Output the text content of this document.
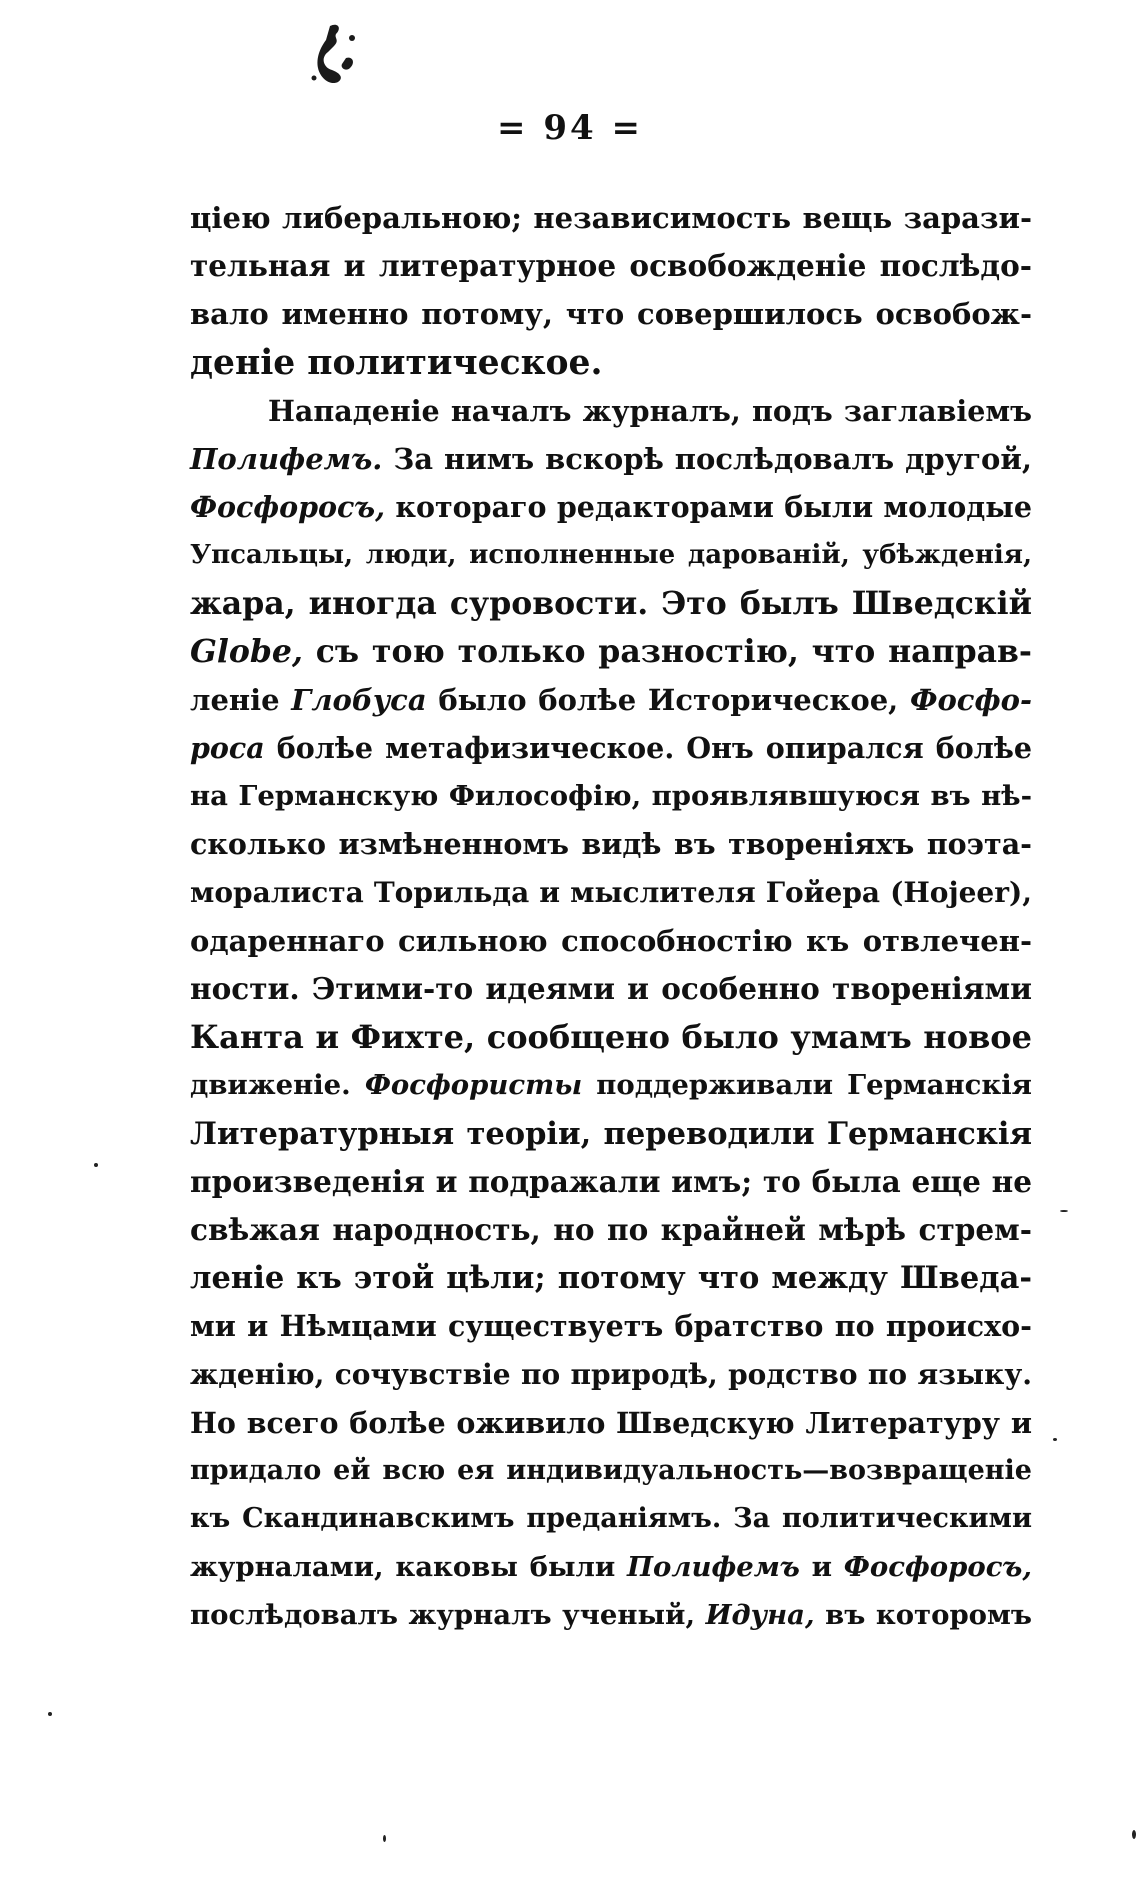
= 94 =
ціею либеральною; независимость вещь зарази-
тельная и литературное освобожденіе послѣдо-
вало именно потому, что совершилось освобож-
деніе политическое.
Нападеніе началъ журналъ, подъ заглавіемъ
Полифемъ. За нимъ вскорѣ послѣдовалъ другой,
Фосфоросъ, котораго редакторами были молодые
Упсальцы, люди, исполненные дарованій, убѣжденія,
жара, иногда суровости. Это былъ Шведскій
Globe, съ тою только разностію, что направ-
леніе Глобуса было болѣе Историческое, Фосфо-
роса болѣе метафизическое. Онъ опирался болѣе
на Германскую Философію, проявлявшуюся въ нѣ-
сколько измѣненномъ видѣ въ твореніяхъ поэта-
моралиста Торильда и мыслителя Гойера (Hojeer),
одареннаго сильною способностію къ отвлечен-
ности. Этими-то идеями и особенно твореніями
Канта и Фихте, сообщено было умамъ новое
движеніе. Фосфористы поддерживали Германскія
Литературныя теоріи, переводили Германскія
произведенія и подражали имъ; то была еще не
свѣжая народность, но по крайней мѣрѣ стрем-
леніе къ этой цѣли; потому что между Шведа-
ми и Нѣмцами существуетъ братство по происхо-
жденію, сочувствіе по природѣ, родство по языку.
Но всего болѣе оживило Шведскую Литературу и
придало ей всю ея индивидуальность—возвращеніе
къ Скандинавскимъ преданіямъ. За политическими
журналами, каковы были Полифемъ и Фосфоросъ,
послѣдовалъ журналъ ученый, Идуна, въ которомъ
